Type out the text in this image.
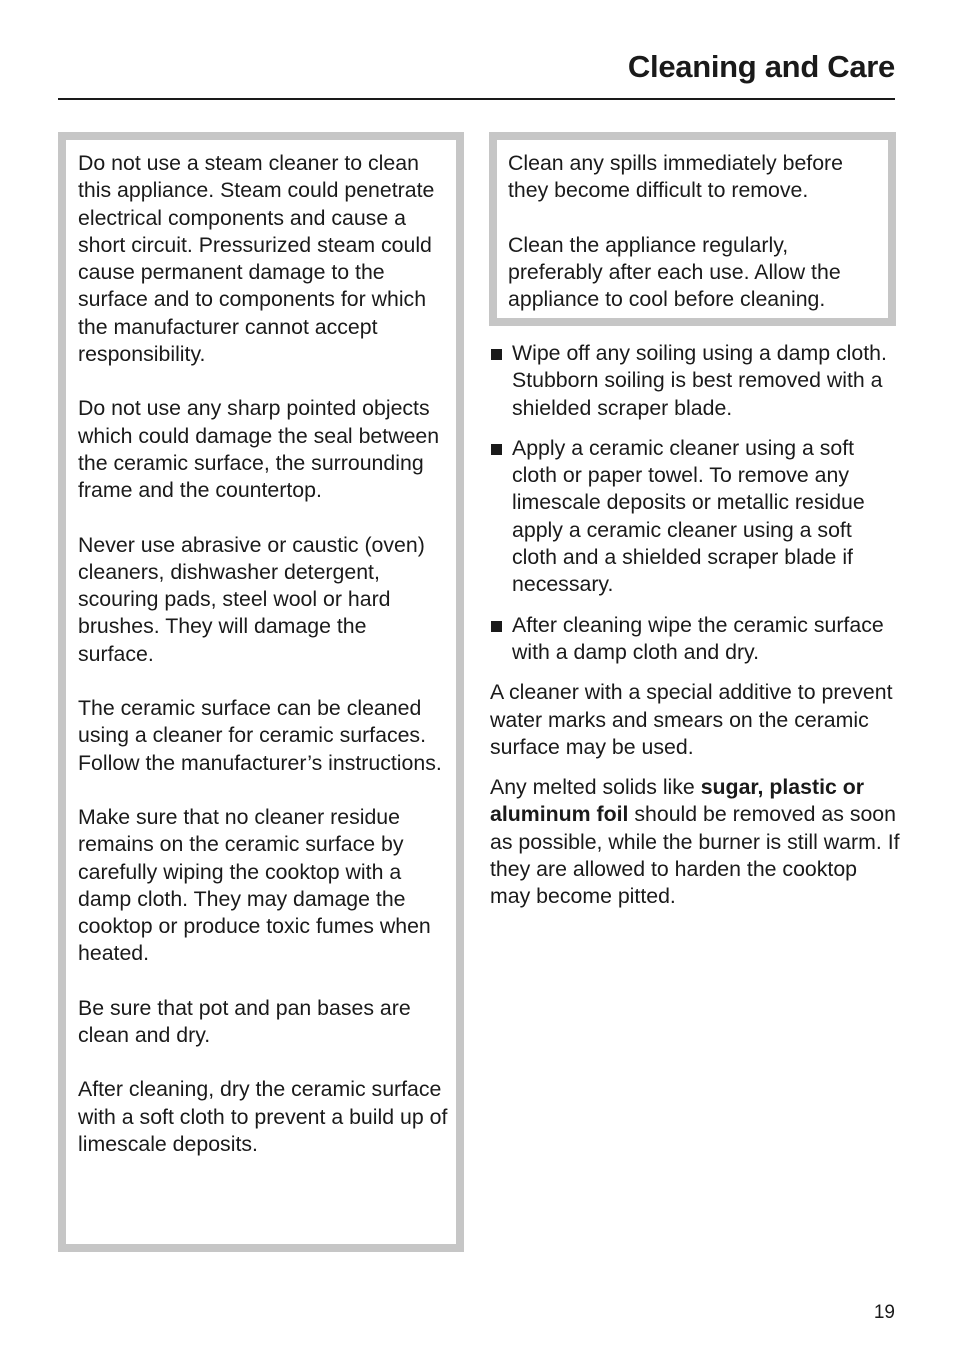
Cleaning and Care

Do not use a steam cleaner to clean this appliance. Steam could penetrate electrical components and cause a short circuit. Pressurized steam could cause permanent damage to the surface and to components for which the manufacturer cannot accept responsibility.

Do not use any sharp pointed objects which could damage the seal between the ceramic surface, the surrounding frame and the countertop.

Never use abrasive or caustic (oven) cleaners, dishwasher detergent, scouring pads, steel wool or hard brushes. They will damage the surface.

The ceramic surface can be cleaned using a cleaner for ceramic surfaces. Follow the manufacturer’s instructions.

Make sure that no cleaner residue remains on the ceramic surface by carefully wiping the cooktop with a damp cloth. They may damage the cooktop or produce toxic fumes when heated.

Be sure that pot and pan bases are clean and dry.

After cleaning, dry the ceramic surface with a soft cloth to prevent a build up of limescale deposits.

Clean any spills immediately before they become difficult to remove.

Clean the appliance regularly, preferably after each use. Allow the appliance to cool before cleaning.

Wipe off any soiling using a damp cloth. Stubborn soiling is best removed with a shielded scraper blade.
Apply a ceramic cleaner using a soft cloth or paper towel. To remove any limescale deposits or metallic residue apply a ceramic cleaner using a soft cloth and a shielded scraper blade if necessary.
After cleaning wipe the ceramic surface with a damp cloth and dry.

A cleaner with a special additive to prevent water marks and smears on the ceramic surface may be used.

Any melted solids like sugar, plastic or aluminum foil should be removed as soon as possible, while the burner is still warm. If they are allowed to harden the cooktop may become pitted.

19
